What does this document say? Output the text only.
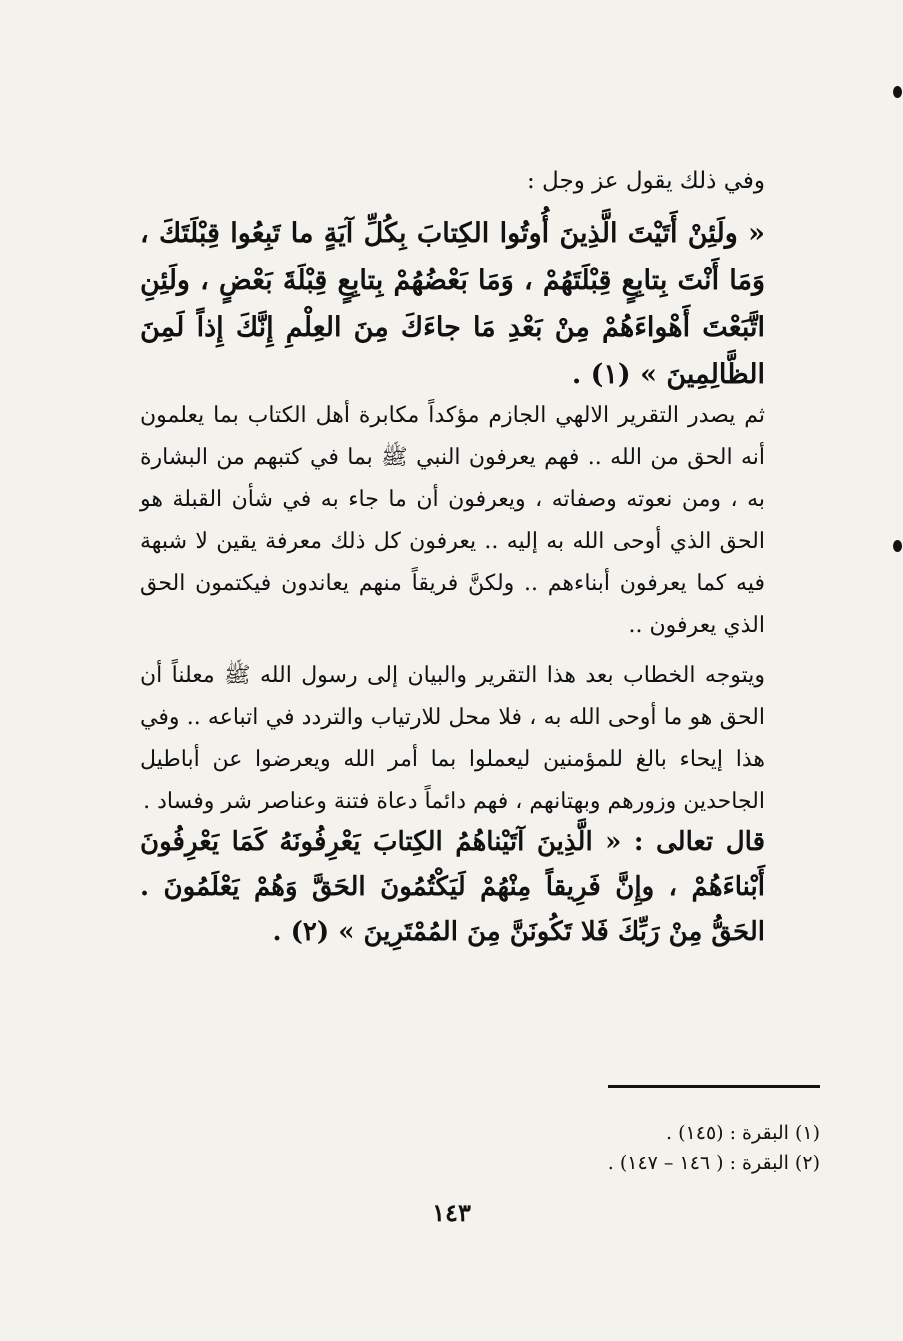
وفي ذلك يقول عز وجل :

« ولَئِنْ أَتَيْتَ الَّذِينَ أُوتُوا الكِتابَ بِكُلِّ آيَةٍ ما تَبِعُوا قِبْلَتَكَ ، وَمَا أَنْتَ بِتابِعٍ قِبْلَتَهُمْ ، وَمَا بَعْضُهُمْ بِتابِعٍ قِبْلَةَ بَعْضٍ ، ولَئِنِ اتَّبَعْتَ أَهْواءَهُمْ مِنْ بَعْدِ مَا جاءَكَ مِنَ العِلْمِ إِنَّكَ إِذاً لَمِنَ الظَّالِمِينَ » (١) .

ثم يصدر التقرير الالهي الجازم مؤكداً مكابرة أهل الكتاب بما يعلمون أنه الحق من الله .. فهم يعرفون النبي ﷺ بما في كتبهم من البشارة به ، ومن نعوته وصفاته ، ويعرفون أن ما جاء به في شأن القبلة هو الحق الذي أوحى الله به إليه .. يعرفون كل ذلك معرفة يقين لا شبهة فيه كما يعرفون أبناءهم .. ولكنَّ فريقاً منهم يعاندون فيكتمون الحق الذي يعرفون ..

ويتوجه الخطاب بعد هذا التقرير والبيان إلى رسول الله ﷺ معلناً أن الحق هو ما أوحى الله به ، فلا محل للارتياب والتردد في اتباعه .. وفي هذا إيحاء بالغ للمؤمنين ليعملوا بما أمر الله ويعرضوا عن أباطيل الجاحدين وزورهم وبهتانهم ، فهم دائماً دعاة فتنة وعناصر شر وفساد .

قال تعالى : « الَّذِينَ آتَيْناهُمُ الكِتابَ يَعْرِفُونَهُ كَمَا يَعْرِفُونَ أَبْناءَهُمْ ، وإِنَّ فَرِيقاً مِنْهُمْ لَيَكْتُمُونَ الحَقَّ وَهُمْ يَعْلَمُونَ . الحَقُّ مِنْ رَبِّكَ فَلا تَكُونَنَّ مِنَ المُمْتَرِينَ » (٢) .

(١) البقرة : (١٤٥) .
(٢) البقرة : ( ١٤٦ – ١٤٧) .
١٤٣
